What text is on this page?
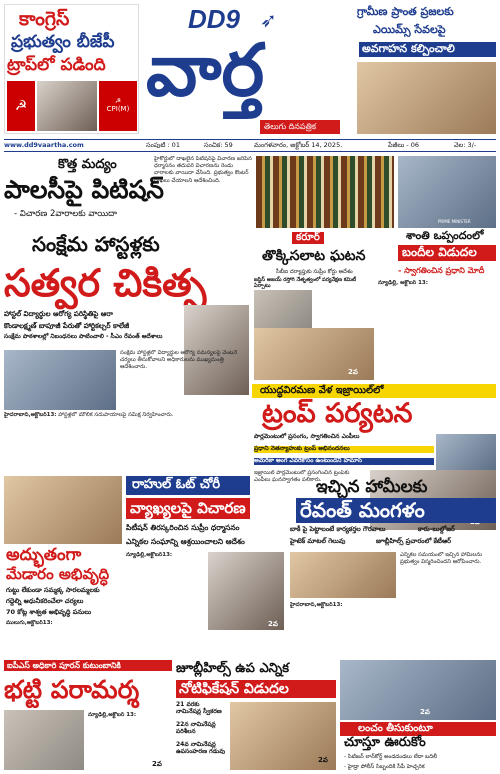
కాంగ్రెస్
ప్రభుత్వం బీజేపీ
ట్రాప్‌లో పడింది
☭	☭
CPI(M)
DD9 ➶
వార్త
తెలుగు దినపత్రిక
గ్రామీణ ప్రాంత ప్రజలకు
ఎయిమ్స్ సేవలపై
అవగాహన కల్పించాలి
www.dd9vaartha.com	సంపుటి : 01	సంచిక: 59	మంగళవారం, అక్టోబర్ 14, 2025.	పేజీలు - 06	వెల: 3/-
కొత్త మద్యం
పాలసీపై పిటిషన్
- విచారణ 2వారాలకు వాయిదా
హైకోర్టులో దాఖలైన పిటిషన్‌పై విచారణ జరిపిన ధర్మాసనం తదుపరి విచారణను రెండు వారాలకు వాయిదా వేసింది. ప్రభుత్వం కౌంటర్ దాఖలు చేయాలని ఆదేశించింది.
PRIME MINISTER
శాంతి ఒప్పందంలో
బందీల విడుదల
- స్వాగతించిన ప్రధాని మోదీ
న్యూఢిల్లీ, అక్టోబర్ 13:
సంక్షేమ హాస్టళ్లకు
సత్వర చికిత్స
హాస్టల్ విద్యార్థుల ఆరోగ్య పరిస్థితిపై ఆరా
కొండాలక్ష్మణ్ బాపూజీ పేరుతో హార్టికల్చర్ కాలేజీ
సంక్షేమ పాఠశాలల్లో నిబంధనలు పాటించాలి - సీఎం రేవంత్ ఆదేశాలు
సంక్షేమ హాస్టళ్లలో విద్యార్థుల ఆరోగ్య సమస్యలపై వెంటనే చర్యలు తీసుకోవాలని అధికారులను ముఖ్యమంత్రి ఆదేశించారు.
హైదరాబాద్,అక్టోబర్13: హాస్టళ్లలో మౌలిక సదుపాయాలపై సమీక్ష నిర్వహించారు.
కరూర్
తొక్కిసలాట ఘటన
సీబీఐ దర్యాప్తుకు సుప్రీం కోర్టు ఆదేశం
జస్టిస్ అజయ్ రస్తోగి నేతృత్వంలో పర్యవేక్షణ కమిటీ ఏర్పాటు
2వ
యుద్ధవిరమణ వేళ ఇజ్రాయిల్‌లో
ట్రంప్ పర్యటన
పార్లమెంటులో ప్రసంగం, స్వాగతించిన ఎంపీలు
ప్రధాని నెతన్యాహుకు ట్రంప్ అభినందనలు
అమెరికా అంగ ఎవరికోసం ఉంటుందని హమాస్
ఇజ్రాయిల్ పార్లమెంటులో ప్రసంగించిన ట్రంప్‌కు ఎంపీలు ఘనస్వాగతం పలికారు.
అద్భుతంగా
మేడారం అభివృద్ధి
గుట్టు లేకుండా సమ్మక్క సారలమ్మలకు
గద్దెల్ని ఆధునీకరించేలా చర్యలు
70 కోట్ల శాశ్వత అభివృద్ధి పనులు
ములుగు,అక్టోబర్13:
రాహుల్ ఓట్ చోరీ
వ్యాఖ్యలపై విచారణ
పిటీషన్ తిరస్కరించిన సుప్రీం ధర్మాసనం
ఎన్నికల సంఘాన్ని ఆశ్రయించాలని ఆదేశం
న్యూఢిల్లీ,అక్టోబర్13:
2వ
ఇచ్చిన హామీలకు
రేవంత్ మంగళం
బాకీ పై పెట్టాలంటే కార్యకర్తల గౌరవాలు	కారు-బుల్డోజర్
హైటెక్ మాటల్ గెలువు	జూబ్లీహిల్స్ ప్రచారంలో కేటీఆర్
ఎన్నికల సమయంలో ఇచ్చిన హామీలను ప్రభుత్వం విస్మరించిందని ఆరోపించారు.
హైదరాబాద్,అక్టోబర్13:
ఐపీఎస్ అధికారి పూరన్ కుటుంబానికి
భట్టి పరామర్శ
న్యూఢిల్లీ,అక్టోబర్ 13:
2వ
జూబ్లీహిల్స్ ఉప ఎన్నిక
నోటిఫికేషన్ విడుదల
21 వరకు నామినేషన్ల స్వీకరణ
22న నామినేషన్ల పరిశీలన
24వ నామినేషన్ల ఉపసంహరణ గడువు
2వ
2వ
లంచం తీసుకుంటూ
చూస్తూ ఊరుకోం
- సిటిజన్ లాన్‌కోర్ట్ అండదండలు లేదా బదిలీ
- హైడ్రా పోలీస్ సిబ్బందికి సీపీ హెచ్చరిక
